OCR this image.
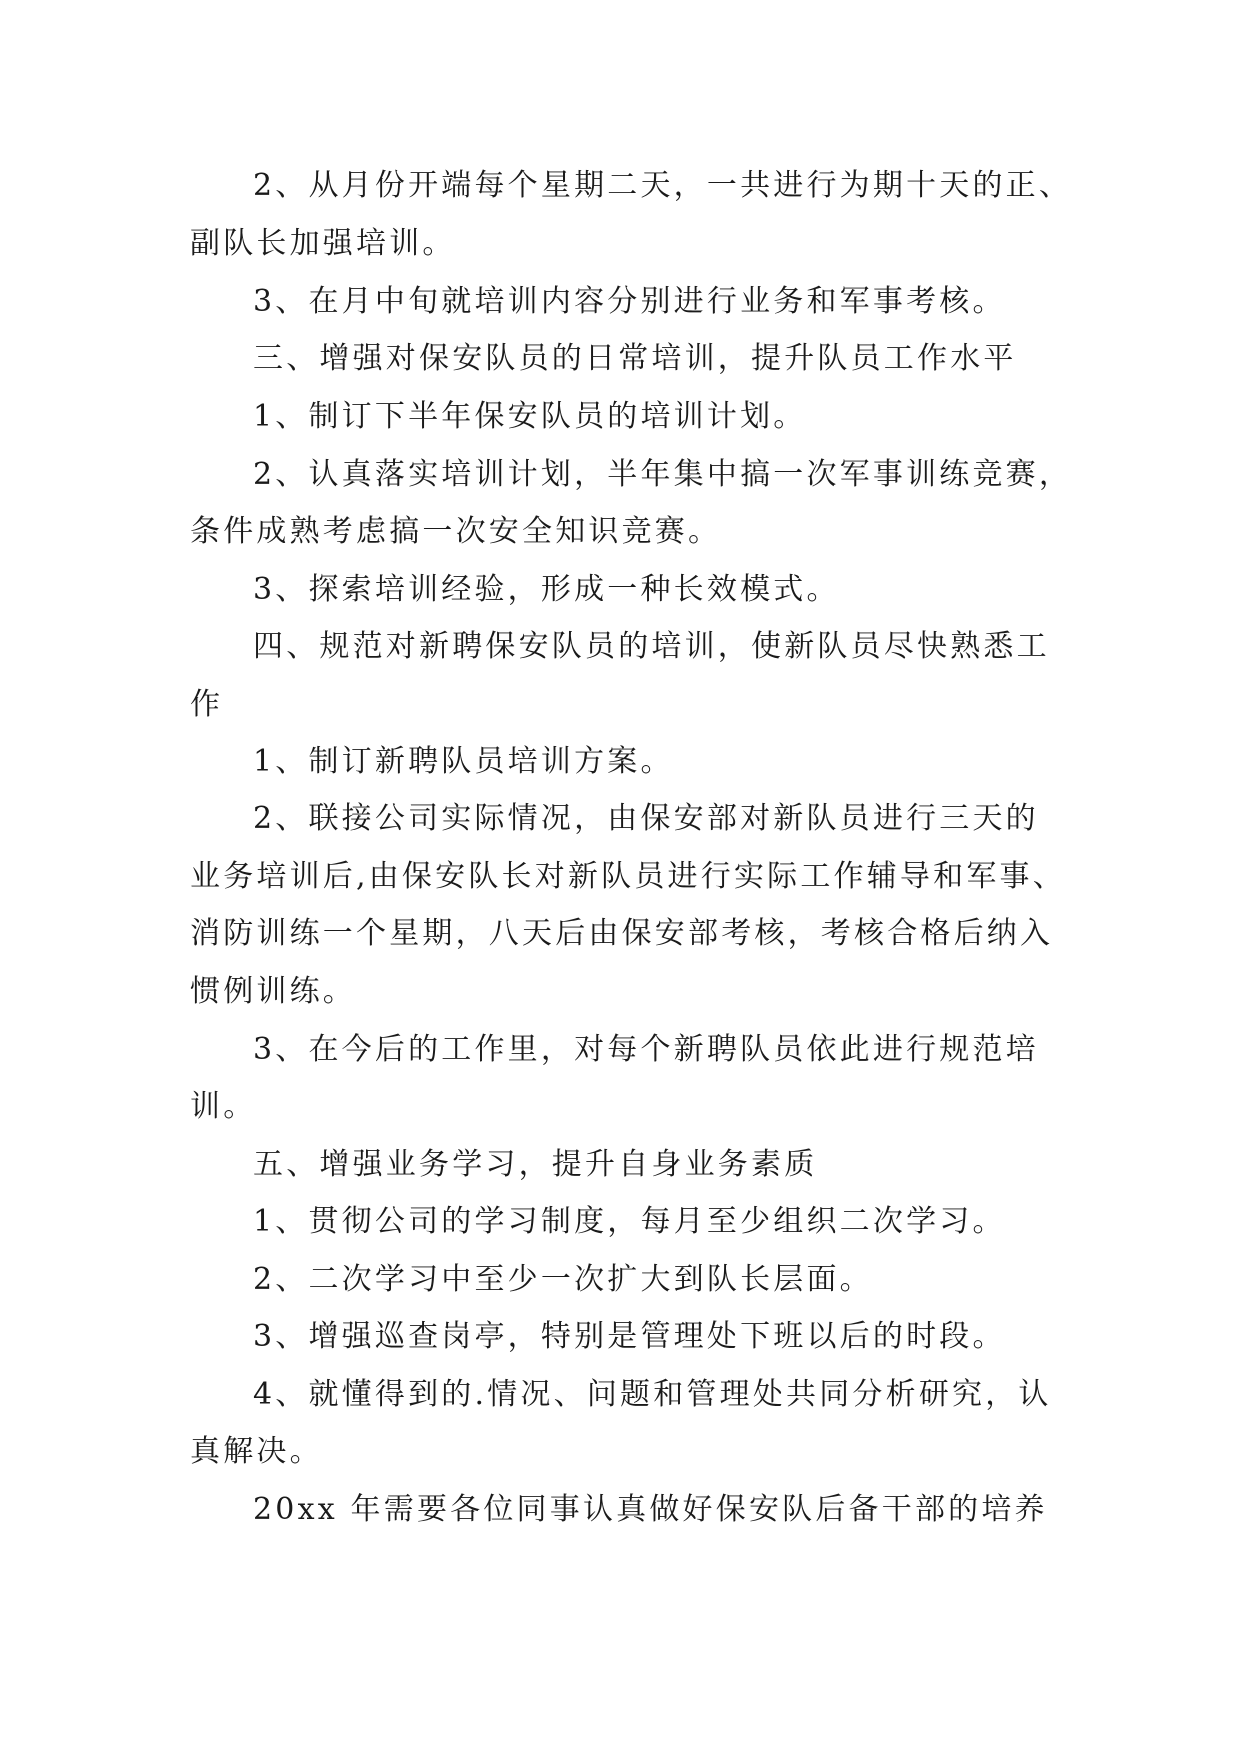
2、从月份开端每个星期二天，一共进行为期十天的正、
副队长加强培训。
3、在月中旬就培训内容分别进行业务和军事考核。
三、增强对保安队员的日常培训，提升队员工作水平
1、制订下半年保安队员的培训计划。
2、认真落实培训计划，半年集中搞一次军事训练竞赛，
条件成熟考虑搞一次安全知识竞赛。
3、探索培训经验，形成一种长效模式。
四、规范对新聘保安队员的培训，使新队员尽快熟悉工
作
1、制订新聘队员培训方案。
2、联接公司实际情况，由保安部对新队员进行三天的
业务培训后,由保安队长对新队员进行实际工作辅导和军事、
消防训练一个星期，八天后由保安部考核，考核合格后纳入
惯例训练。
3、在今后的工作里，对每个新聘队员依此进行规范培
训。
五、增强业务学习，提升自身业务素质
1、贯彻公司的学习制度，每月至少组织二次学习。
2、二次学习中至少一次扩大到队长层面。
3、增强巡查岗亭，特别是管理处下班以后的时段。
4、就懂得到的.情况、问题和管理处共同分析研究，认
真解决。
20xx 年需要各位同事认真做好保安队后备干部的培养
